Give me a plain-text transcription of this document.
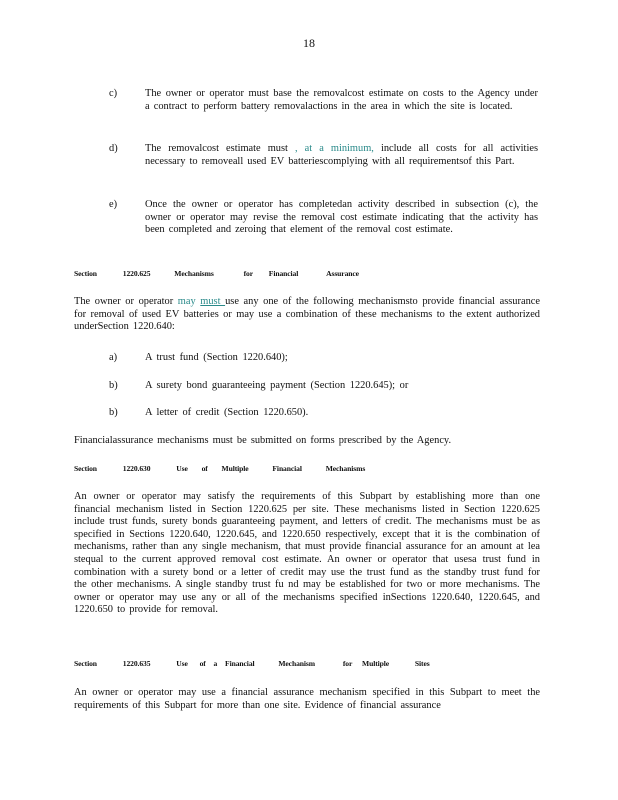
18
c)	The owner or operator must base the removalcost estimate on costs to the Agency under a contract to perform battery removalactions in the area in which the site is located.
d)	The removalcost estimate must , at a minimum, include all costs for all activities necessary to removeall used EV batteriescomplying with all requirementsof this Part.
e)	Once the owner or operator has completedan activity described in subsection (c), the owner or operator may revise the removal cost estimate indicating that the activity has been completed and zeroing that element of the removal cost estimate.
Section	1220.625	Mechanisms	for Financial	Assurance
The owner or operator may must use any one of the following mechanismsto provide financial assurance for removal of used EV batteries or may use a combination of these mechanisms to the extent authorized underSection 1220.640:
a)	A trust fund (Section 1220.640);
b)	A surety bond guaranteeing payment (Section 1220.645); or
b)	A letter of credit (Section 1220.650).
Financialassurance mechanisms must be submitted on forms prescribed by the Agency.
Section	1220.630	Use of Multiple	Financial	Mechanisms
An owner or operator may satisfy the requirements of this Subpart by establishing more than one financial mechanism listed in Section 1220.625 per site. These mechanisms listed in Section 1220.625 include trust funds, surety bonds guaranteeing payment, and letters of credit. The mechanisms must be as specified in Sections 1220.640, 1220.645, and 1220.650 respectively, except that it is the combination of mechanisms, rather than any single mechanism, that must provide financial assurance for an amount at lea stequal to the current approved removal cost estimate. An owner or operator that usesa trust fund in combination with a surety bond or a letter of credit may use the trust fund as the standby trust fund for the other mechanisms. A single standby trust fu nd may be established for two or more mechanisms. The owner or operator may use any or all of the mechanisms specified inSections 1220.640, 1220.645, and 1220.650 to provide for removal.
Section	1220.635	Use of a Financial	Mechanism	for Multiple	Sites
An owner or operator may use a financial assurance mechanism specified in this Subpart to meet the requirements of this Subpart for more than one site. Evidence of financial assurance
